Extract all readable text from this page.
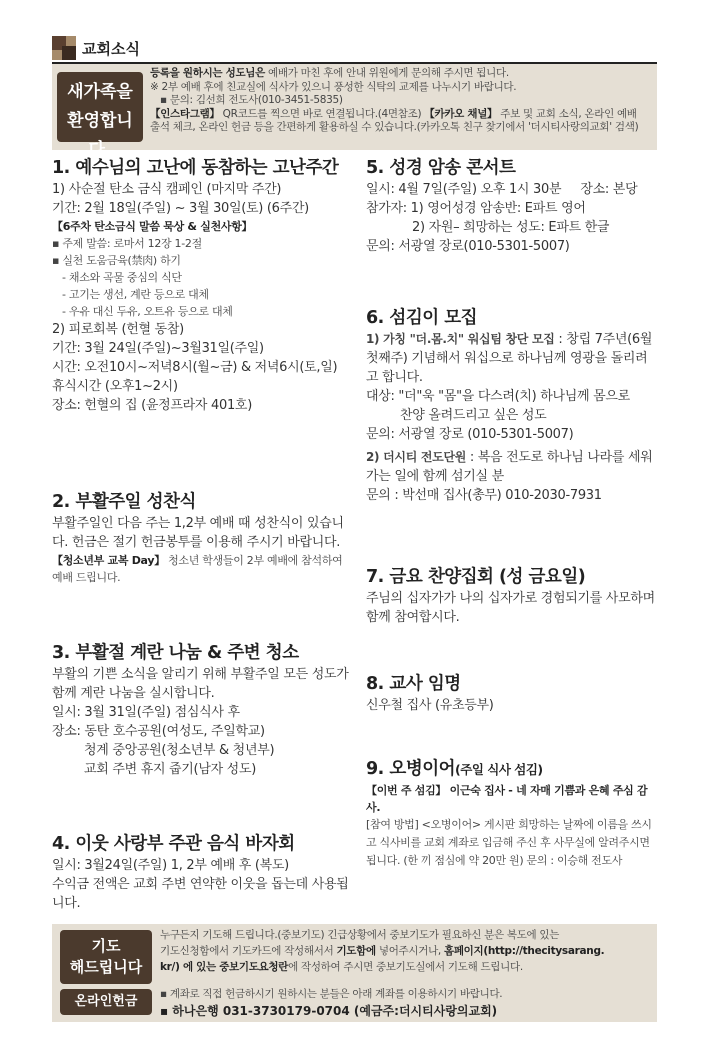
교회소식
새가족을
환영합니다.
등록을 원하시는 성도님은 예배가 마친 후에 안내 위원에게 문의해 주시면 됩니다.
※ 2부 예배 후에 친교실에 식사가 있으니 풍성한 식탁의 교제를 나누시기 바랍니다.
▪ 문의: 김선희 전도사(010-3451-5835)
【인스타그램】 QR코드를 찍으면 바로 연결됩니다.(4면참조) 【카카오 채널】 주보 및 교회 소식, 온라인 예배
출석 체크, 온라인 헌금 등을 간편하게 활용하실 수 있습니다.(카카오톡 친구 찾기에서 '더시티사랑의교회' 검색)
1. 예수님의 고난에 동참하는 고난주간
1) 사순절 탄소 금식 캠페인 (마지막 주간)
기간: 2월 18일(주일) ~ 3월 30일(토) (6주간)
【6주차 탄소금식 말씀 묵상 & 실천사항】
▪ 주제 말씀: 로마서 12장 1-2절
▪ 실천 도움금육(禁肉) 하기
- 채소와 곡물 중심의 식단
- 고기는 생선, 계란 등으로 대체
- 우유 대신 두유, 오트유 등으로 대체
2) 피로회복 (헌혈 동참)
기간: 3월 24일(주일)~3월31일(주일)
시간: 오전10시~저녁8시(월~금) & 저녁6시(토,일)
휴식시간 (오후1~2시)
장소: 헌혈의 집 (윤정프라자 401호)
2. 부활주일 성찬식
부활주일인 다음 주는 1,2부 예배 때 성찬식이 있습니다. 헌금은 절기 헌금봉투를 이용해 주시기 바랍니다.
【청소년부 교복 Day】 청소년 학생들이 2부 예배에 참석하여 예배 드립니다.
3. 부활절 계란 나눔 & 주변 청소
부활의 기쁜 소식을 알리기 위해 부활주일 모든 성도가 함께 계란 나눔을 실시합니다.
일시: 3월 31일(주일) 점심식사 후
장소: 동탄 호수공원(여성도, 주일학교)
청계 중앙공원(청소년부 & 청년부)
교회 주변 휴지 줍기(남자 성도)
4. 이웃 사랑부 주관 음식 바자회
일시: 3월24일(주일) 1, 2부 예배 후 (복도)
수익금 전액은 교회 주변 연약한 이웃을 돕는데 사용됩니다.
5. 성경 암송 콘서트
일시: 4월 7일(주일) 오후 1시 30분     장소: 본당
참가자: 1) 영어성경 암송반: E파트 영어
2) 자원– 희망하는 성도: E파트 한글
문의: 서광열 장로(010-5301-5007)
6. 섬김이 모집
1) 가칭 "더.몸.치" 워십팀 창단 모집 : 창립 7주년(6월 첫째주) 기념해서 워십으로 하나님께 영광을 돌리려고 합니다.
대상: "더"욱 "몸"을 다스려(치) 하나님께 몸으로
찬양 올려드리고 싶은 성도
문의: 서광열 장로 (010-5301-5007)
2) 더시티 전도단원 : 복음 전도로 하나님 나라를 세워가는 일에 함께 섬기실 분
문의 : 박선매 집사(총무) 010-2030-7931
7. 금요 찬양집회 (성 금요일)
주님의 십자가가 나의 십자가로 경험되기를 사모하며 함께 참여합시다.
8. 교사 임명
신우철 집사 (유초등부)
9. 오병이어(주일 식사 섬김)
【이번 주 섬김】 이근숙 집사 - 네 자매 기쁨과 은혜 주심 감사.
[참여 방법] <오병이어> 게시판 희망하는 날짜에 이름을 쓰시고 식사비를 교회 계좌로 입금해 주신 후 사무실에 알려주시면 됩니다. (한 끼 점심에 약 20만 원) 문의 : 이승해 전도사
기도
해드립니다
온라인헌금
누구든지 기도해 드립니다.(중보기도) 긴급상황에서 중보기도가 필요하신 분은 복도에 있는
기도신청함에서 기도카드에 작성해서서 기도함에 넣어주시거나, 홈페이지(http://thecitysarang.
kr/) 에 있는 중보기도요청란에 작성하여 주시면 중보기도실에서 기도해 드립니다.
▪ 계좌로 직접 헌금하시기 원하시는 분들은 아래 계좌를 이용하시기 바랍니다.
▪ 하나은행 031-3730179-0704 (예금주:더시티사랑의교회)
